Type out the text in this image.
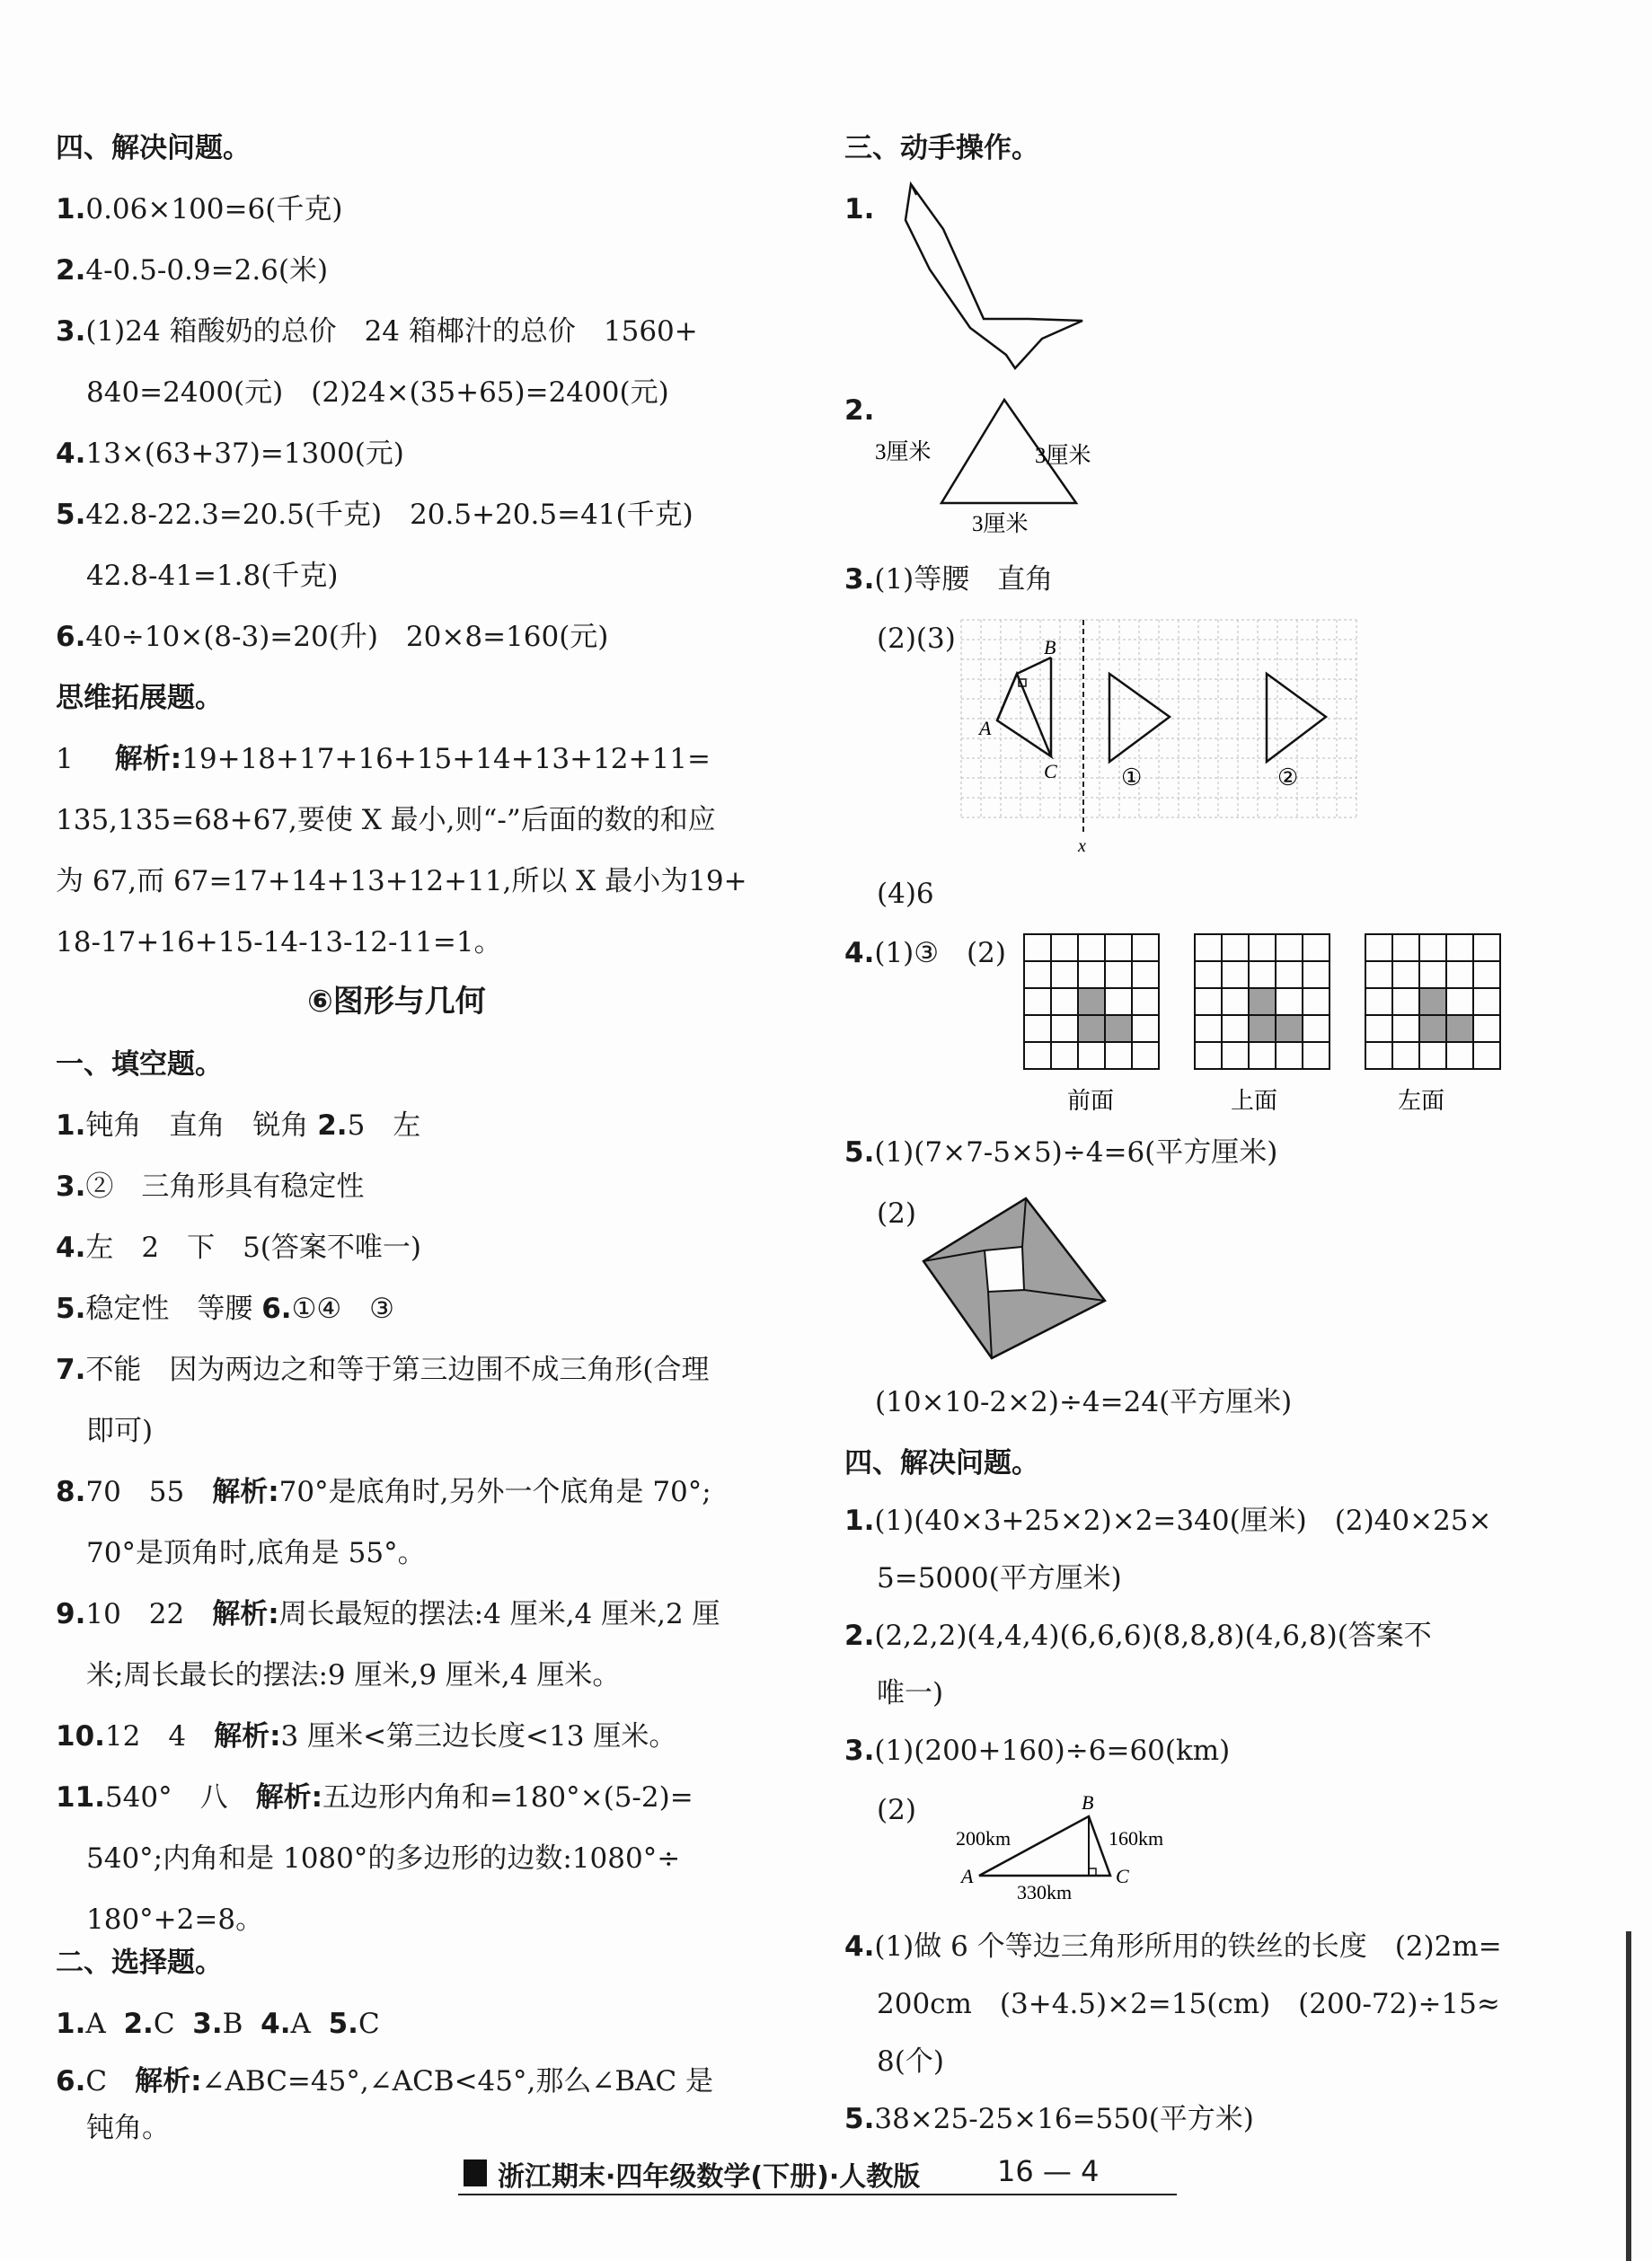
四、解决问题。
1.0.06×100=6(千克)
2.4-0.5-0.9=2.6(米)
3.(1)24 箱酸奶的总价　24 箱椰汁的总价　1560+
840=2400(元)　(2)24×(35+65)=2400(元)
4.13×(63+37)=1300(元)
5.42.8-22.3=20.5(千克)　20.5+20.5=41(千克)
42.8-41=1.8(千克)
6.40÷10×(8-3)=20(升)　20×8=160(元)
思维拓展题。
1 解析:19+18+17+16+15+14+13+12+11=
135,135=68+67,要使 X 最小,则“-”后面的数的和应
为 67,而 67=17+14+13+12+11,所以 X 最小为19+
18-17+16+15-14-13-12-11=1。
⑥图形与几何
一、填空题。
1.钝角　直角　锐角 2.5　左
3.②　三角形具有稳定性
4.左　2　下　5(答案不唯一)
5.稳定性　等腰 6.①④　③
7.不能　因为两边之和等于第三边围不成三角形(合理
即可)
8.70　55　 解析:70°是底角时,另外一个底角是 70°;
70°是顶角时,底角是 55°。
9.10　22　 解析:周长最短的摆法:4 厘米,4 厘米,2 厘
米;周长最长的摆法:9 厘米,9 厘米,4 厘米。
10.12　4　 解析:3 厘米<第三边长度<13 厘米。
11.540°　八　 解析:五边形内角和=180°×(5-2)=
540°;内角和是 1080°的多边形的边数:1080°÷
180°+2=8。
二、选择题。
1.A 2.C 3.B 4.A 5.C
6.C　 解析:∠ABC=45°,∠ACB<45°,那么∠BAC 是
钝角。
三、动手操作。
1.
2.
3厘米	3厘米
3厘米
3.(1)等腰　直角
(2)(3)	B
A
C	①	②
x
(4)6
4.(1)③　(2)
前面	上面	左面
5.(1)(7×7-5×5)÷4=6(平方厘米)
(2)
(10×10-2×2)÷4=24(平方厘米)
四、解决问题。
1.(1)(40×3+25×2)×2=340(厘米)　(2)40×25×
5=5000(平方厘米)
2.(2,2,2)(4,4,4)(6,6,6)(8,8,8)(4,6,8)(答案不
唯一)
3.(1)(200+160)÷6=60(km)
(2)	B
A	C
200km	160km
330km
4.(1)做 6 个等边三角形所用的铁丝的长度　(2)2m=
200cm　(3+4.5)×2=15(cm)　(200-72)÷15≈
8(个)
5.38×25-25×16=550(平方米)
浙江期末·四年级数学(下册)·人教版	16 — 4
